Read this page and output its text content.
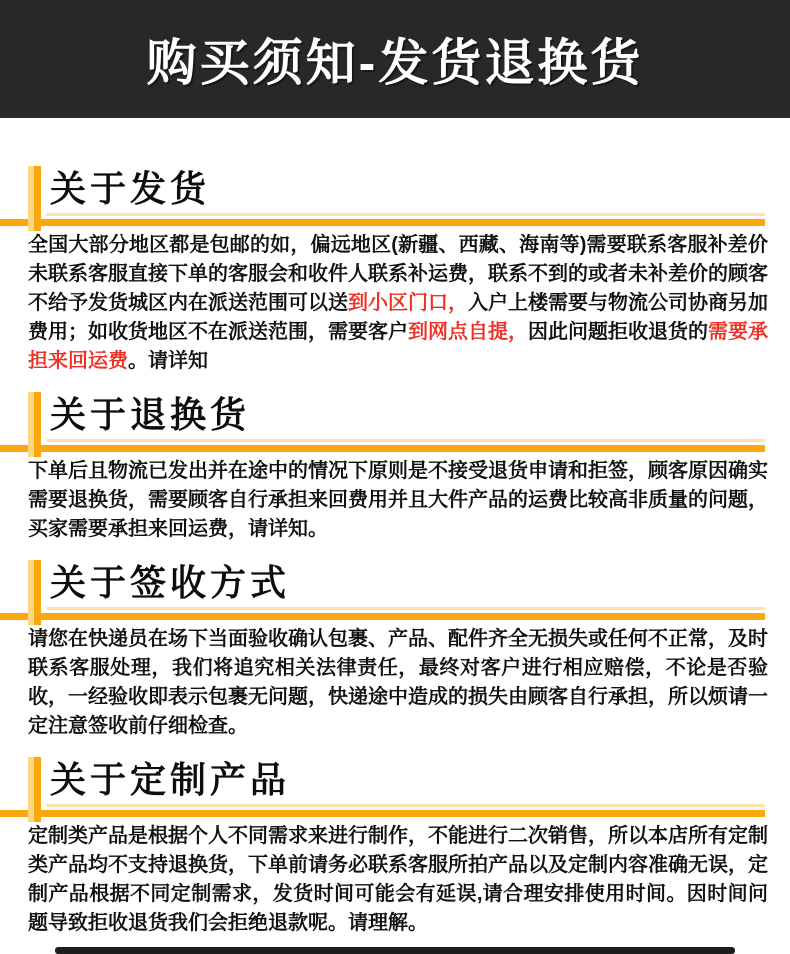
购买须知-发货退换货
关于发货

全国大部分地区都是包邮的如，偏远地区(新疆、西藏、海南等)需要联系客服补差价未联系客服直接下单的客服会和收件人联系补运费，联系不到的或者未补差价的顾客不给予发货城区内在派送范围可以送到小区门口，入户上楼需要与物流公司协商另加费用；如收货地区不在派送范围，需要客户到网点自提，因此问题拒收退货的需要承担来回运费。请详知

关于退换货

下单后且物流已发出并在途中的情况下原则是不接受退货申请和拒签，顾客原因确实需要退换货，需要顾客自行承担来回费用并且大件产品的运费比较高非质量的问题，买家需要承担来回运费，请详知。

关于签收方式

请您在快递员在场下当面验收确认包裹、产品、配件齐全无损失或任何不正常，及时联系客服处理，我们将追究相关法律责任，最终对客户进行相应赔偿，不论是否验收，一经验收即表示包裹无问题，快递途中造成的损失由顾客自行承担，所以烦请一定注意签收前仔细检查。

关于定制产品

定制类产品是根据个人不同需求来进行制作，不能进行二次销售，所以本店所有定制类产品均不支持退换货，下单前请务必联系客服所拍产品以及定制内容准确无误，定制产品根据不同定制需求，发货时间可能会有延误,请合理安排使用时间。因时间问题导致拒收退货我们会拒绝退款呢。请理解。
